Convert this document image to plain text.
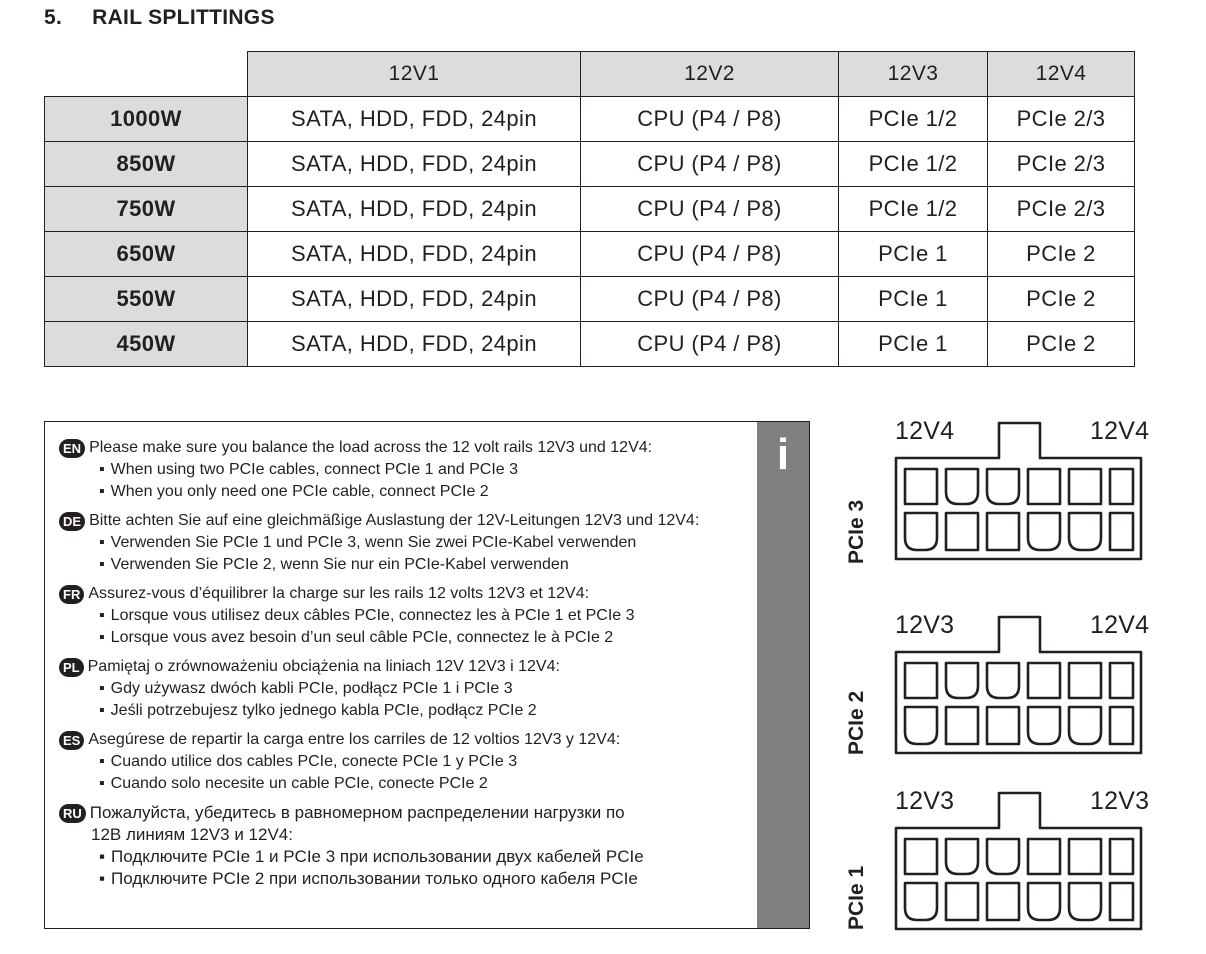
5. RAIL SPLITTINGS
	12V1	12V2	12V3	12V4
1000W	SATA, HDD, FDD, 24pin	CPU (P4 / P8)	PCIe 1/2	PCIe 2/3
850W	SATA, HDD, FDD, 24pin	CPU (P4 / P8)	PCIe 1/2	PCIe 2/3
750W	SATA, HDD, FDD, 24pin	CPU (P4 / P8)	PCIe 1/2	PCIe 2/3
650W	SATA, HDD, FDD, 24pin	CPU (P4 / P8)	PCIe 1	PCIe 2
550W	SATA, HDD, FDD, 24pin	CPU (P4 / P8)	PCIe 1	PCIe 2
450W	SATA, HDD, FDD, 24pin	CPU (P4 / P8)	PCIe 1	PCIe 2
i
EN Please make sure you balance the load across the 12 volt rails 12V3 und 12V4:
▪ When using two PCIe cables, connect PCIe 1 and PCIe 3
▪ When you only need one PCIe cable, connect PCIe 2
DE Bitte achten Sie auf eine gleichmäßige Auslastung der 12V-Leitungen 12V3 und 12V4:
▪ Verwenden Sie PCIe 1 und PCIe 3, wenn Sie zwei PCIe-Kabel verwenden
▪ Verwenden Sie PCIe 2, wenn Sie nur ein PCIe-Kabel verwenden
FR Assurez-vous d’équilibrer la charge sur les rails 12 volts 12V3 et 12V4:
▪ Lorsque vous utilisez deux câbles PCIe, connectez les à PCIe 1 et PCIe 3
▪ Lorsque vous avez besoin d’un seul câble PCIe, connectez le à PCIe 2
PL Pamiętaj o zrównoważeniu obciążenia na liniach 12V 12V3 i 12V4:
▪ Gdy używasz dwóch kabli PCIe, podłącz PCIe 1 i PCIe 3
▪ Jeśli potrzebujesz tylko jednego kabla PCIe, podłącz PCIe 2
ES Asegúrese de repartir la carga entre los carriles de 12 voltios 12V3 y 12V4:
▪ Cuando utilice dos cables PCIe, conecte PCIe 1 y PCIe 3
▪ Cuando solo necesite un cable PCIe, conecte PCIe 2
RU Пожалуйста, убедитесь в равномерном распределении нагрузки по
12В линиям 12V3 и 12V4:
▪ Подключите PCIe 1 и PCIe 3 при использовании двух кабелей PCIe
▪ Подключите PCIe 2 при использовании только одного кабеля PCIe
12V4	12V4
PCIe 3
12V3	12V4
PCIe 2
12V3	12V3
PCIe 1
